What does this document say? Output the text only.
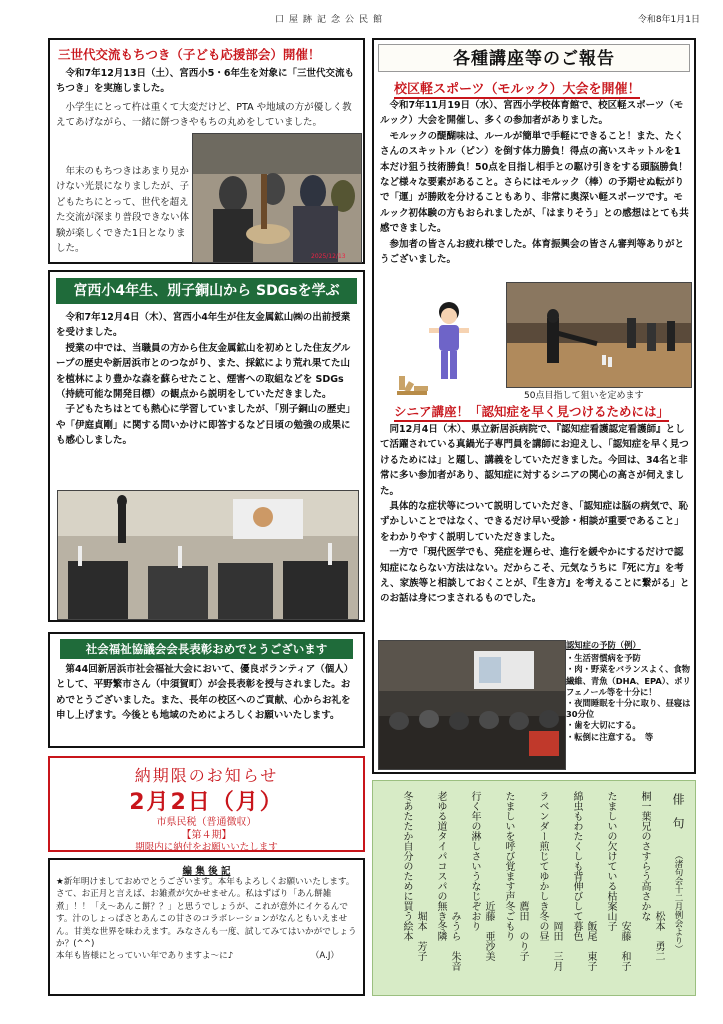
口屋跡記念公民館	令和8年1月1日
三世代交流もちつき（子ども応援部会）開催！

令和7年12月13日（土）、宮西小5・6年生を対象に「三世代交流もちつき」を実施しました。

小学生にとって杵は重くて大変だけど、PTA や地域の方が優しく教えてあげながら、一緒に餅つきやもちの丸めをしていました。

年末のもちつきはあまり見かけない光景になりましたが、子どもたちにとって、世代を超えた交流が深まり普段できない体験が楽しくできた1日となりました。

2025/12/13
宮西小4年生、別子銅山から SDGsを学ぶ

令和7年12月4日（木）、宮西小4年生が住友金属鉱山㈱の出前授業を受けました。

授業の中では、当職員の方から住友金属鉱山を初めとした住友グループの歴史や新居浜市とのつながり、また、採鉱により荒れ果てた山を植林により豊かな森を蘇らせたこと、煙害への取組などを SDGs（持続可能な開発目標）の観点から説明をしていただきました。

子どもたちはとても熱心に学習していましたが、「別子銅山の歴史」や「伊庭貞剛」に関する問いかけに即答するなど日頃の勉強の成果にも感心しました。

社会福祉協議会会長表彰おめでとうございます

第44回新居浜市社会福祉大会において、優良ボランティア（個人）として、平野繁市さん（中須賀町）が会長表彰を授与されました。おめでとうございました。また、長年の校区へのご貢献、心からお礼を申し上げます。今後とも地域のためによろしくお願いいたします。

納期限のお知らせ
2月2日（月）
市県民税（普通徴収）
【第４期】
期限内に納付をお願いいたします
編 集 後 記
★新年明けましておめでとうございます。本年もよろしくお願いいたします。
さて、お正月と言えば、お雑煮が欠かせません。私はずばり「あん餅雑煮」！！「え～あんこ餅？？」と思うでしょうが、これが意外にイケるんです。汁のしょっぱさとあんこの甘さのコラボレーションがなんともいえません。甘美な世界を味わえます。みなさんも一度、試してみてはいかがでしょうか？(^^)
本年も皆様にとっていい年でありますよ～に♪	（A.J）
各種講座等のご報告
校区軽スポーツ（モルック）大会を開催！

令和7年11月19日（水）、宮西小学校体育館で、校区軽スポーツ（モルック）大会を開催し、多くの参加者がありました。

モルックの醍醐味は、ルールが簡単で手軽にできること！また、たくさんのスキットル（ピン）を倒す体力勝負！得点の高いスキットルを1本だけ狙う技術勝負！50点を目指し相手との駆け引きをする頭脳勝負！など様々な要素があること。さらにはモルック（棒）の予期せぬ転がりで「運」が勝敗を分けることもあり、非常に奥深い軽スポーツです。モルック初体験の方もおられましたが、「はまりそう」との感想はとても共感できました。

参加者の皆さんお疲れ様でした。体育振興会の皆さん審判等ありがとうございました。

50点目指して狙いを定めます
シニア講座！「認知症を早く見つけるためには」

同12月4日（木）、県立新居浜病院で、『認知症看護認定看護師』として活躍されている真鍋光子専門員を講師にお迎えし、「認知症を早く見つけるためには」と題し、講義をしていただきました。今回は、34名と非常に多い参加者があり、認知症に対するシニアの関心の高さが伺えました。

具体的な症状等について説明していただき、「認知症は脳の病気で、恥ずかしいことではなく、できるだけ早い受診・相談が重要であること」をわかりやすく説明していただきました。

一方で「現代医学でも、発症を遅らせ、進行を緩やかにするだけで認知症にならない方法はない。だからこそ、元気なうちに『死に方』を考え、家族等と相談しておくことが、『生き方』を考えることに繋がる」とのお話は身につまされるものでした。

認知症の予防（例）
・生活習慣病を予防
・肉・野菜をバランスよく、食物繊維、青魚（DHA、EPA）、ポリフェノール等を十分に！
・夜間睡眠を十分に取り、昼寝は30分位
・歯を大切にする。
・転倒に注意する。　等
俳　句
（渚句会十二月例会より）
桐一葉兄のさすらう高さかな
松本　勇二
たましいの欠けている枯案山子
安藤　和子
綿虫もわたくしも背伸びして暮色
飯尾　東子
ラベンダー煎じてゆかしき冬の昼
岡田　三月
たましいを呼び覚ます声冬ごもり 薦田　のり子
行く年の淋しさいうなじぞおり 近藤　亜沙美
老ゆる道タイパコスパの無き冬隣 みうら　朱音
冬あたたか自分のために買う絵本 堀本　芳子
